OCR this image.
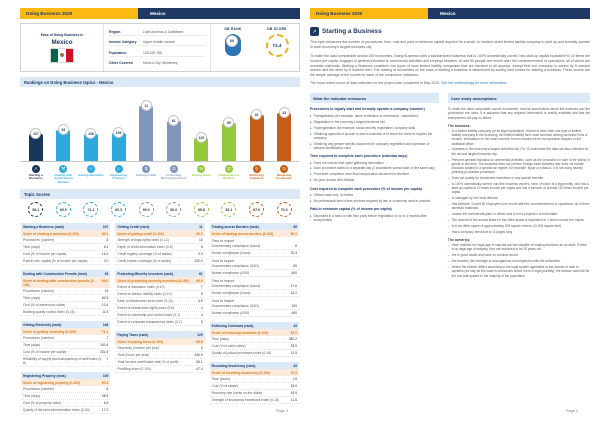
Doing Business 2020	Mexico
Ease of Doing Business in
Mexico
Region	Latin America & Caribbean
Income Category	Upper middle income
Population	126,190,788
Cities Covered	Mexico City, Monterrey
DB RANK
60
DB SCORE
72.4
Rankings on Doing Business topics - Mexico
107
93
106	105
11
61
120
69
43	33
↗
Starting a Business
⚒
Dealing with Construction Permits
⚡
Getting Electricity
⌂
Registering Property
$
Getting Credit
⚖
Protecting Minority Investors
%
Paying Taxes
⇄
Trading across Borders
§
Enforcing Contracts
↻
Resolving Insolvency
Topic Scores
86.1	69.0	71.1	60.3	90.0	60.0	65.8	82.1	67.0	70.3
Starting a Business (rank)	107
Score of starting a business (0-100)	86.1
Procedures (number)	8
Time (days)	8.4
Cost (% of income per capita)	16.2
Paid-in min. capital (% of income per capita)	0.0
Dealing with Construction Permits (rank)	93
Score of dealing with construction permits (0-100)
69.0
Procedures (number)	15
Time (days)	82.5
Cost (% of warehouse value)	10.4
Building quality control index (0-15)	11.5
Getting Electricity (rank)	106
Score of getting electricity (0-100)	71.1
Procedures (number)	7
Time (days)	100.4
Cost (% of income per capita)	331.6
Reliability of supply and transparency of tariff index (0-8)
7
Registering Property (rank)	105
Score of registering property (0-100)	60.3
Procedures (number)	8
Time (days)	38.5
Cost (% of property value)	6.5
Quality of the land administration index (0-30)	17.0
Getting Credit (rank)	11
Score of getting credit (0-100)	90.0
Strength of legal rights index (0-12)	10
Depth of credit information index (0-8)	8
Credit registry coverage (% of adults)	0.0
Credit bureau coverage (% of adults)	100.0
Protecting Minority Investors (rank)	61
Score of protecting minority investors (0-100) 60.0
Extent of disclosure index (0-10)	7
Extent of director liability index (0-10)	5
Ease of shareholder suits index (0-10)	4.5
Extent of shareholder rights index (0-6)	4
Extent of ownership and control index (0-7)	4
Extent of corporate transparency index (0-7)	5
Paying Taxes (rank)	120
Score of paying taxes (0-100)	65.8
Payments (number per year)	6
Time (hours per year)	240.5
Total tax and contribution rate (% of profit)	55.1
Postfiling index (0-100)	47.4
Trading across Borders (rank)	69
Score of trading across borders (0-100)	82.1
Time to export
Documentary compliance (hours)	8
Border compliance (hours)	20.4
Cost to export
Documentary compliance (USD)	60
Border compliance (USD)	400
Time to import
Documentary compliance (hours)	17.6
Border compliance (hours)	44.2
Cost to import
Documentary compliance (USD)	100
Border compliance (USD)	450
Enforcing Contracts (rank)	43
Score of enforcing contracts (0-100)	67.0
Time (days)	350.2
Cost (% of claim value)	33.0
Quality of judicial processes index (0-18)	11.5
Resolving Insolvency (rank)	33
Score of resolving insolvency (0-100)	70.3
Time (years)	1.8
Cost (% of estate)	18.0
Recovery rate (cents on the dollar)	63.9
Strength of insolvency framework index (0-16)	11.5
Page 3
Doing Business 2020	Mexico
↗ Starting a Business
This topic measures the number of procedures, time, cost and paid-in minimum capital required for a small- to medium-sized limited liability company to start up and formally operate in each economy's largest business city.
To make the data comparable across 190 economies, Doing Business uses a standardized business that is 100% domestically owned, has start-up capital equivalent to 10 times the income per capita, engages in general industrial or commercial activities and employs between 10 and 50 people one month after the commencement of operations, all of whom are domestic nationals. Starting a Business considers two types of local limited liability companies that are identical in all aspects, except that one company is owned by 5 married women and the other by 5 married men. The ranking of economies on the ease of starting a business is determined by sorting their scores for starting a business. These scores are the simple average of the scores for each of the component indicators.
The most recent round of data collection for the project was completed in May 2019. See the methodology for more information
What the indicator measures
Procedures to legally start and formally operate a company (number)
▸ Preregistration (for example, name verification or reservation, notarization)
▸ Registration in the economy's largest business city
▸ Postregistration (for example, social security registration, company seal)
▸ Obtaining approval of spouse to start a business or to leave the home to register the company
▸ Obtaining any gender specific document for company registration and operation or national identification card
Time required to complete each procedure (calendar days)
▸ Does not include time spent gathering information
▸ Each procedure starts on a separate day (2 procedures cannot start on the same day)
▸ Procedure completed once final incorporation document is received
▸ No prior contact with officials
Cost required to complete each procedure (% of income per capita)
▸ Official costs only, no bribes
▸ No professional fees unless services required by law or commonly used in practice
Paid-in minimum capital (% of income per capita)
▸ Deposited in a bank or with third party before registration or up to 3 months after incorporation
Case study assumptions
To make the data comparable across economies, several assumptions about the business and the procedures are used. It is assumed that any required information is readily available and that the entrepreneur will pay no bribes.
The business:
– Is a limited liability company (or its legal equivalent). If there is more than one type of limited liability company in the economy, the limited liability form most common among domestic firms is chosen. Information on the most common form is obtained from incorporation lawyers or the statistical office.
– Operates in the economy's largest business city. For 11 economies the data are also collected for the second largest business city.
– Performs general industrial or commercial activities, such as the production or sale to the public of goods or services. The business does not perform foreign trade activities and does not handle products subject to a special tax regime, for example, liquor or tobacco. It is not using heavily polluting production processes.
– Does not qualify for investment incentives or any special benefits.
– Is 100% domestically owned; has five business owners, none of whom is a legal entity; and has a start-up capital of 10 times income per capita and has a turnover of at least 100 times income per capita.
– Is managed by one local director.
– Has between 10 and 50 employees one month after the commencement of operations, all of them domestic nationals.
– Leases the commercial plant or offices and is not a proprietor of real estate.
– The amount of the annual lease for the office space is equivalent to 1 times income per capita.
– Is in an office space of approximately 929 square meters (10,000 square feet).
– Has a company deed that is 10 pages long.
The owner(s):
– Have reached the legal age of majority and are capable of making decisions as an adult. If there is no legal age of majority, they are assumed to be 30 years old.
– Are in good health and have no criminal record.
– Are married, the marriage is monogamous and registered with the authorities.
– Where the answer differs according to the legal system applicable to the woman or man in question (as may be the case in economies where there is legal plurality), the answer used will be the one that applies to the majority of the population.
Page 4
